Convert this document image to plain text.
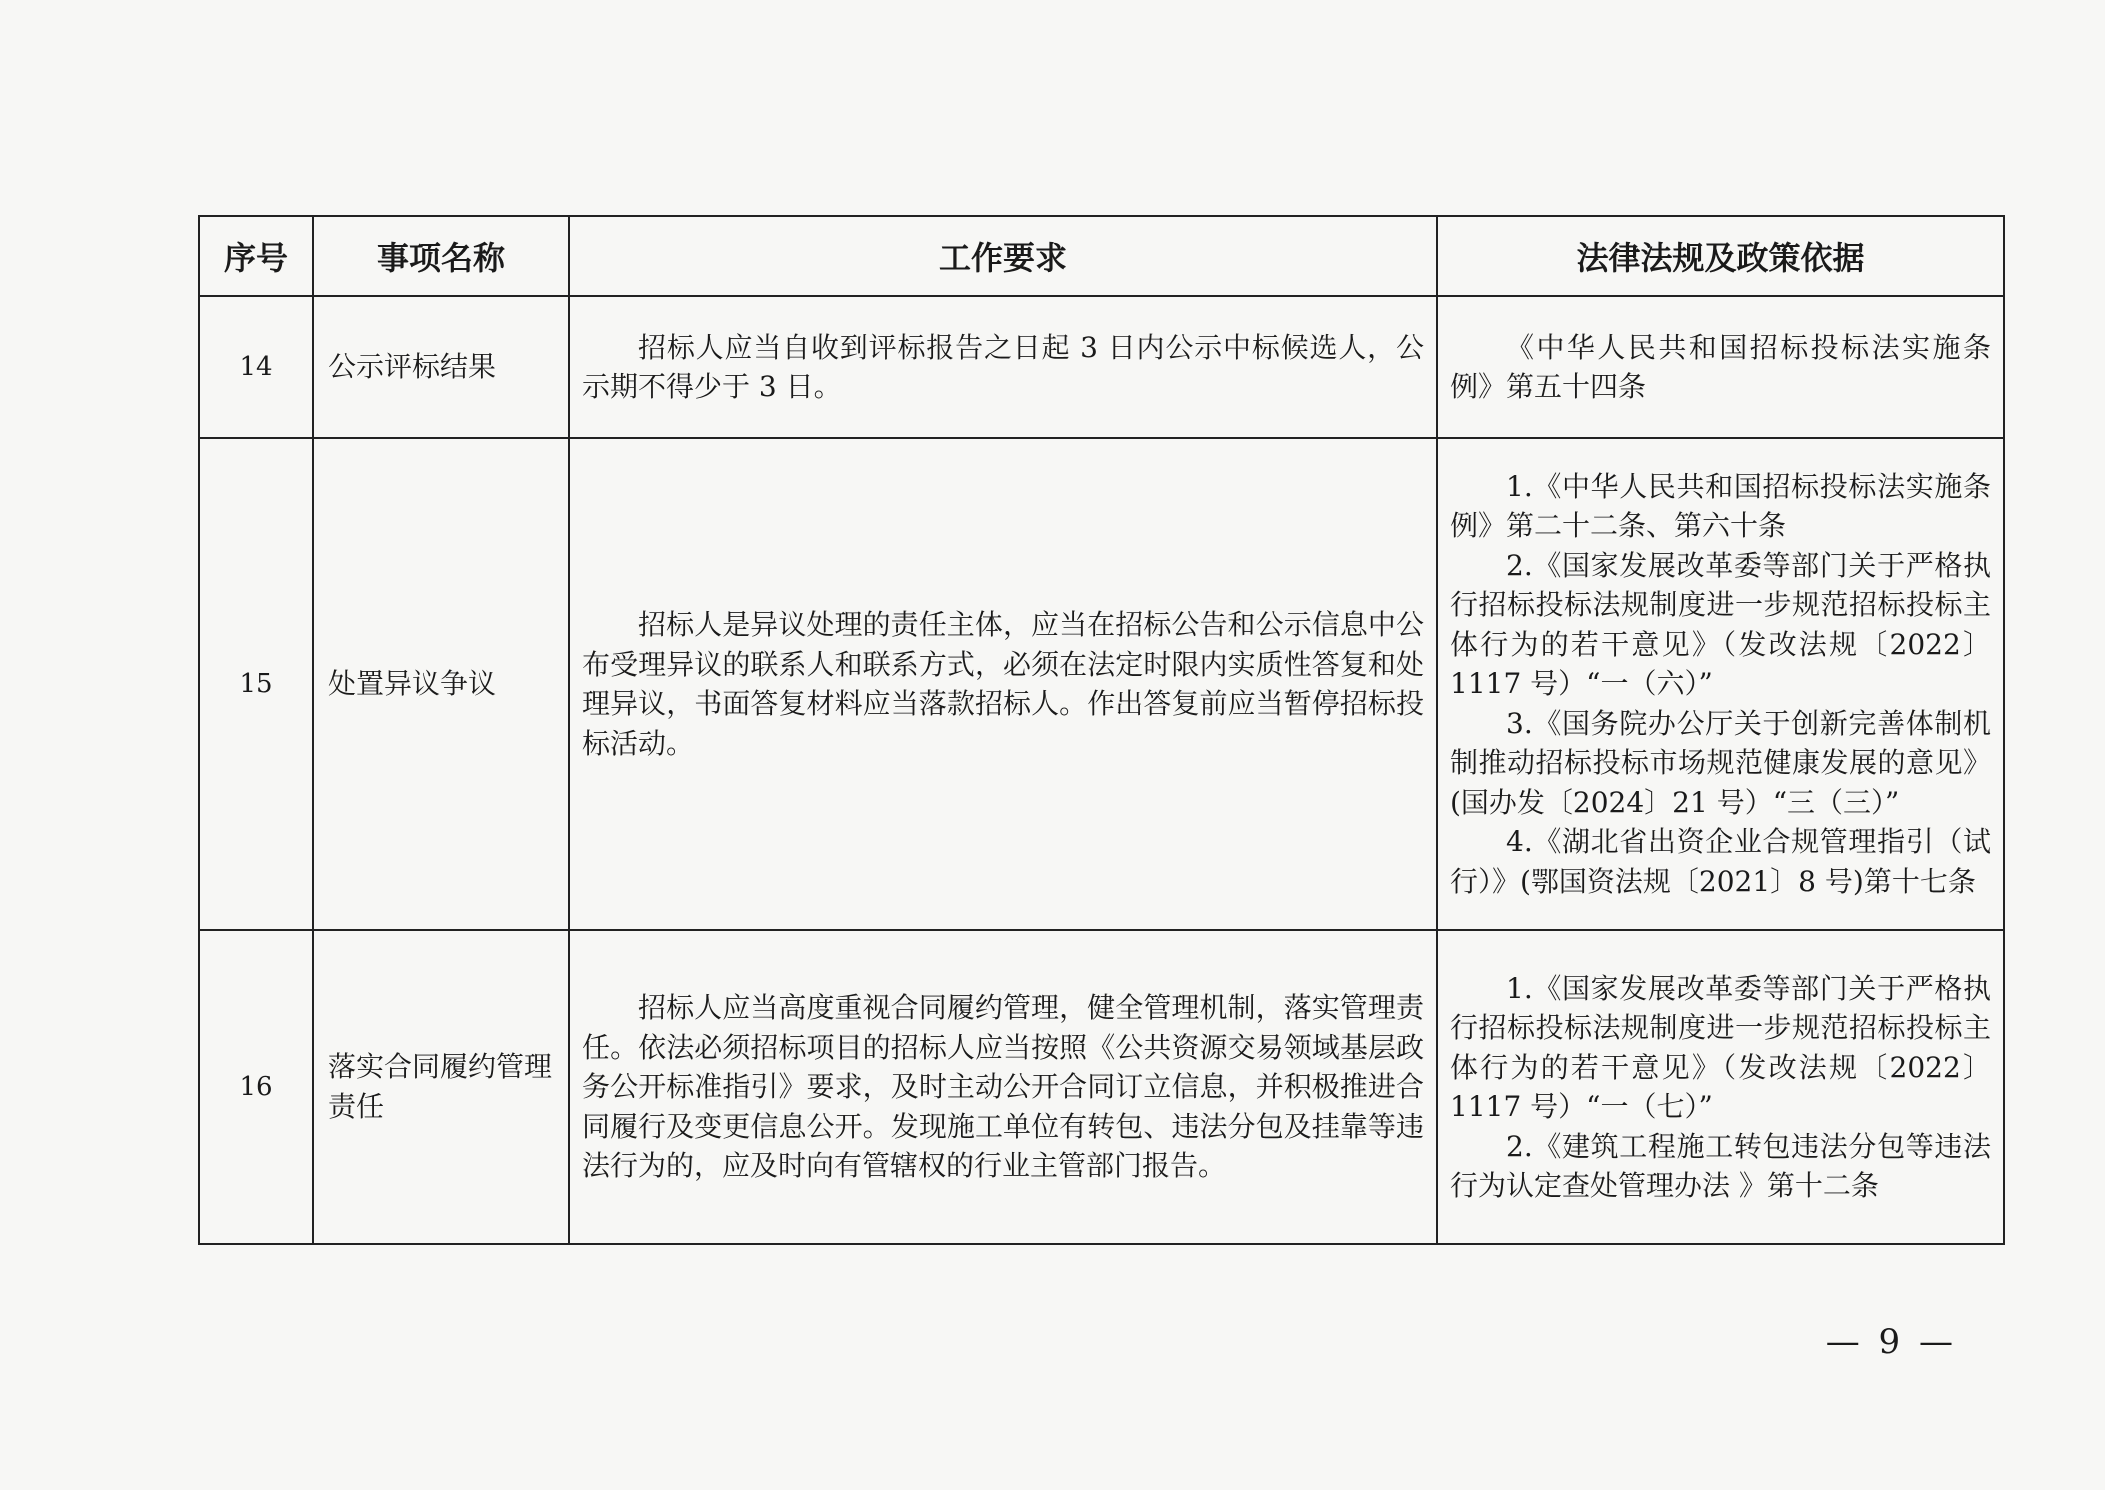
序号	事项名称	工作要求	法律法规及政策依据
14	公示评标结果	招标人应当自收到评标报告之日起 3 日内公示中标候选人，公示期不得少于 3 日。	《中华人民共和国招标投标法实施条例》第五十四条

15	处置异议争议	招标人是异议处理的责任主体，应当在招标公告和公示信息中公布受理异议的联系人和联系方式，必须在法定时限内实质性答复和处理异议，书面答复材料应当落款招标人。作出答复前应当暂停招标投标活动。	1.《中华人民共和国招标投标法实施条例》第二十二条、第六十条

2.《国家发展改革委等部门关于严格执行招标投标法规制度进一步规范招标投标主体行为的若干意见》（发改法规〔2022〕1117 号）“一（六）”

3.《国务院办公厅关于创新完善体制机制推动招标投标市场规范健康发展的意见》(国办发〔2024〕21 号）“三（三）”

4.《湖北省出资企业合规管理指引（试行）》(鄂国资法规〔2021〕8 号)第十七条

16	落实合同履约管理责任	招标人应当高度重视合同履约管理，健全管理机制，落实管理责任。依法必须招标项目的招标人应当按照《公共资源交易领域基层政务公开标准指引》要求，及时主动公开合同订立信息，并积极推进合同履行及变更信息公开。发现施工单位有转包、违法分包及挂靠等违法行为的，应及时向有管辖权的行业主管部门报告。	1.《国家发展改革委等部门关于严格执行招标投标法规制度进一步规范招标投标主体行为的若干意见》（发改法规〔2022〕1117 号）“一（七）”

2.《建筑工程施工转包违法分包等违法行为认定查处管理办法 》第十二条

— 9 —
